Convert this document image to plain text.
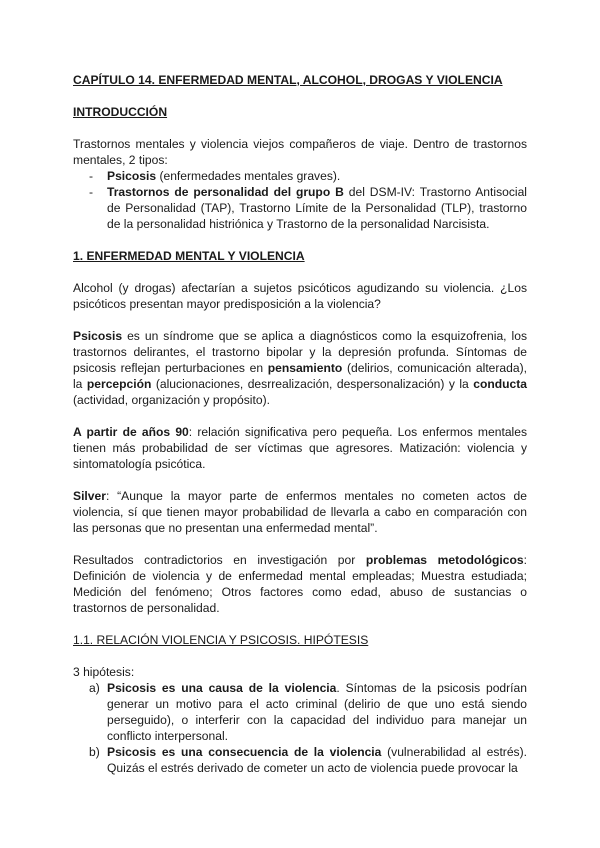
CAPÍTULO 14. ENFERMEDAD MENTAL, ALCOHOL, DROGAS Y VIOLENCIA

INTRODUCCIÓN

Trastornos mentales y violencia viejos compañeros de viaje. Dentro de trastornos mentales, 2 tipos:

- Psicosis (enfermedades mentales graves).
- Trastornos de personalidad del grupo B del DSM-IV: Trastorno Antisocial de Personalidad (TAP), Trastorno Límite de la Personalidad (TLP), trastorno de la personalidad histriónica y Trastorno de la personalidad Narcisista.

1. ENFERMEDAD MENTAL Y VIOLENCIA

Alcohol (y drogas) afectarían a sujetos psicóticos agudizando su violencia. ¿Los psicóticos presentan mayor predisposición a la violencia?

Psicosis es un síndrome que se aplica a diagnósticos como la esquizofrenia, los trastornos delirantes, el trastorno bipolar y la depresión profunda. Síntomas de psicosis reflejan perturbaciones en pensamiento (delirios, comunicación alterada), la percepción (alucionaciones, desrrealización, despersonalización) y la conducta (actividad, organización y propósito).

A partir de años 90: relación significativa pero pequeña. Los enfermos mentales tienen más probabilidad de ser víctimas que agresores. Matización: violencia y sintomatología psicótica.

Silver: “Aunque la mayor parte de enfermos mentales no cometen actos de violencia, sí que tienen mayor probabilidad de llevarla a cabo en comparación con las personas que no presentan una enfermedad mental”.

Resultados contradictorios en investigación por problemas metodológicos: Definición de violencia y de enfermedad mental empleadas; Muestra estudiada; Medición del fenómeno; Otros factores como edad, abuso de sustancias o trastornos de personalidad.

1.1. RELACIÓN VIOLENCIA Y PSICOSIS. HIPÓTESIS

3 hipótesis:

a) Psicosis es una causa de la violencia. Síntomas de la psicosis podrían generar un motivo para el acto criminal (delirio de que uno está siendo perseguido), o interferir con la capacidad del individuo para manejar un conflicto interpersonal.
b) Psicosis es una consecuencia de la violencia (vulnerabilidad al estrés). Quizás el estrés derivado de cometer un acto de violencia puede provocar la
